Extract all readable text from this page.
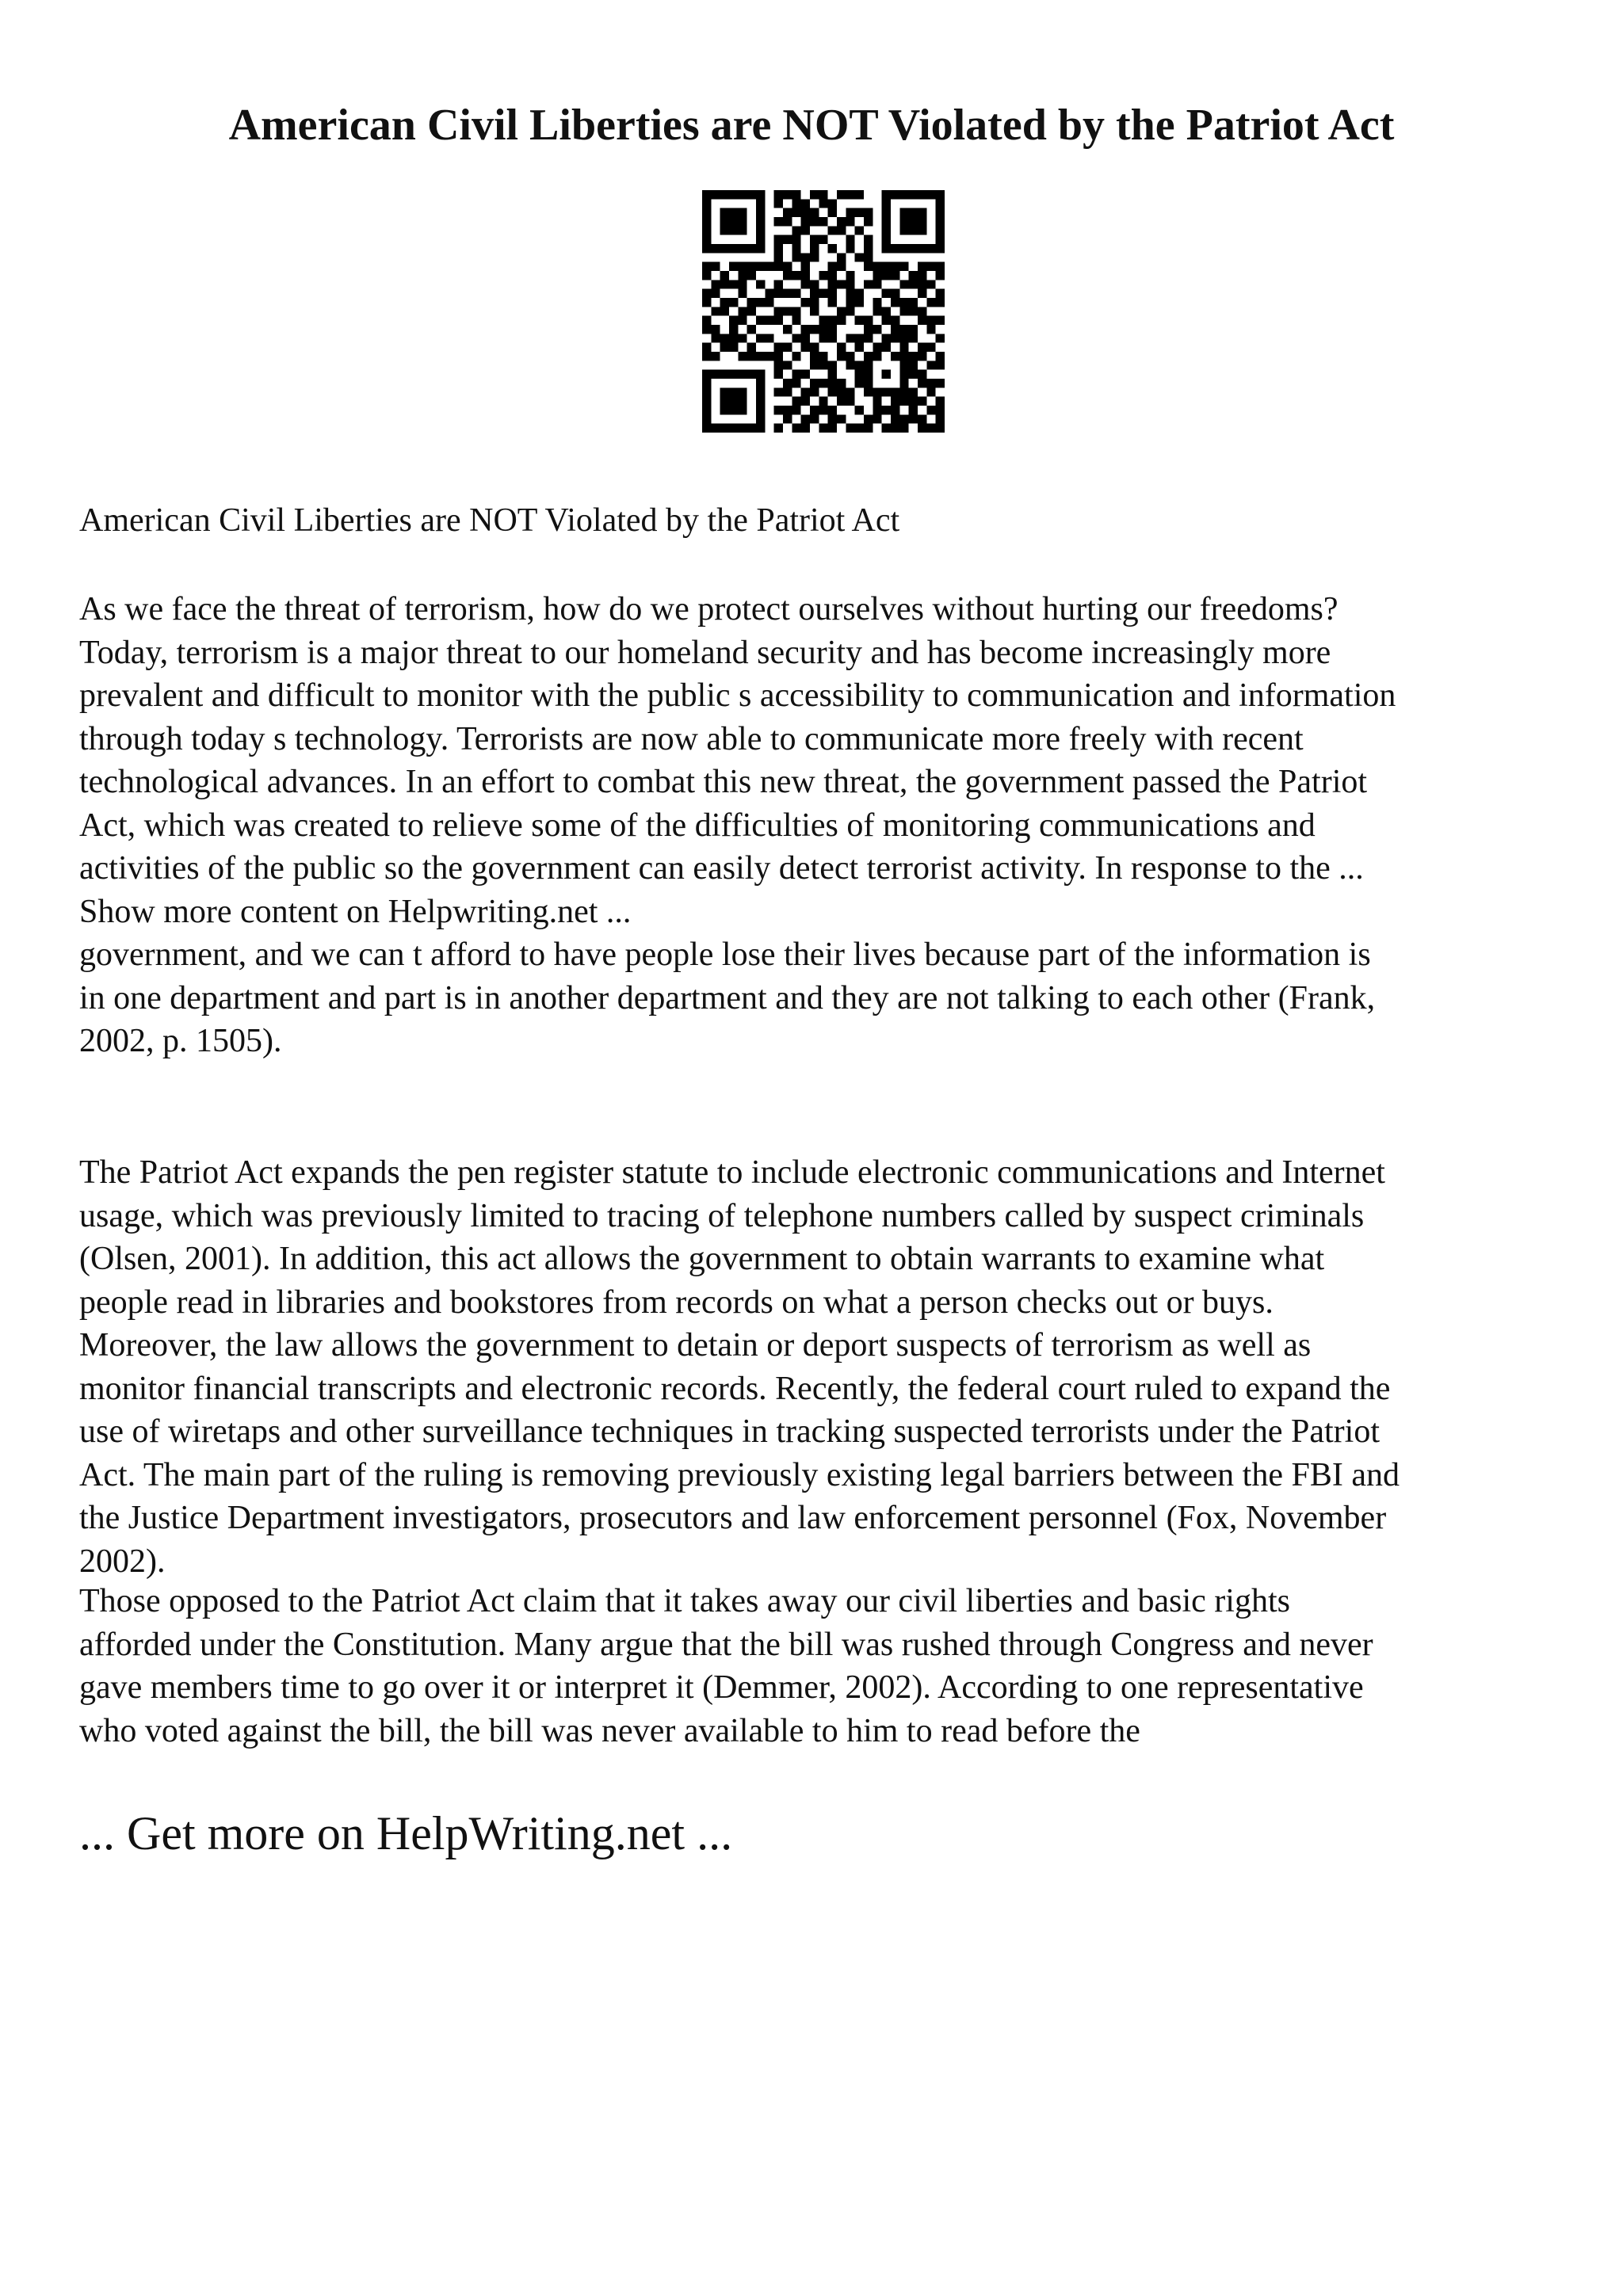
American Civil Liberties are NOT Violated by the Patriot Act

American Civil Liberties are NOT Violated by the Patriot Act

As we face the threat of terrorism, how do we protect ourselves without hurting our freedoms?
Today, terrorism is a major threat to our homeland security and has become increasingly more
prevalent and difficult to monitor with the public s accessibility to communication and information
through today s technology. Terrorists are now able to communicate more freely with recent
technological advances. In an effort to combat this new threat, the government passed the Patriot
Act, which was created to relieve some of the difficulties of monitoring communications and
activities of the public so the government can easily detect terrorist activity. In response to the ...
Show more content on Helpwriting.net ...
government, and we can t afford to have people lose their lives because part of the information is
in one department and part is in another department and they are not talking to each other (Frank,
2002, p. 1505).

The Patriot Act expands the pen register statute to include electronic communications and Internet
usage, which was previously limited to tracing of telephone numbers called by suspect criminals
(Olsen, 2001). In addition, this act allows the government to obtain warrants to examine what
people read in libraries and bookstores from records on what a person checks out or buys.
Moreover, the law allows the government to detain or deport suspects of terrorism as well as
monitor financial transcripts and electronic records. Recently, the federal court ruled to expand the
use of wiretaps and other surveillance techniques in tracking suspected terrorists under the Patriot
Act. The main part of the ruling is removing previously existing legal barriers between the FBI and
the Justice Department investigators, prosecutors and law enforcement personnel (Fox, November
2002).

Those opposed to the Patriot Act claim that it takes away our civil liberties and basic rights
afforded under the Constitution. Many argue that the bill was rushed through Congress and never
gave members time to go over it or interpret it (Demmer, 2002). According to one representative
who voted against the bill, the bill was never available to him to read before the

... Get more on HelpWriting.net ...
